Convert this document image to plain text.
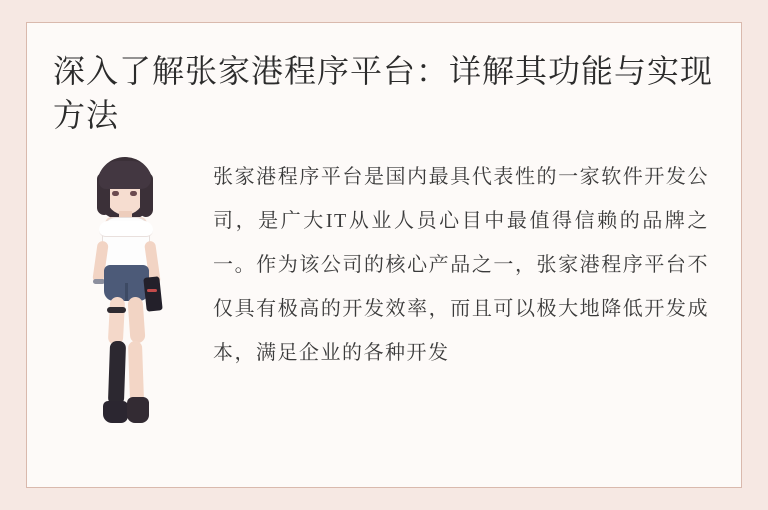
深入了解张家港程序平台：详解其功能与实现方法

张家港程序平台是国内最具代表性的一家软件开发公司，是广大IT从业人员心目中最值得信赖的品牌之一。作为该公司的核心产品之一，张家港程序平台不仅具有极高的开发效率，而且可以极大地降低开发成本，满足企业的各种开发
